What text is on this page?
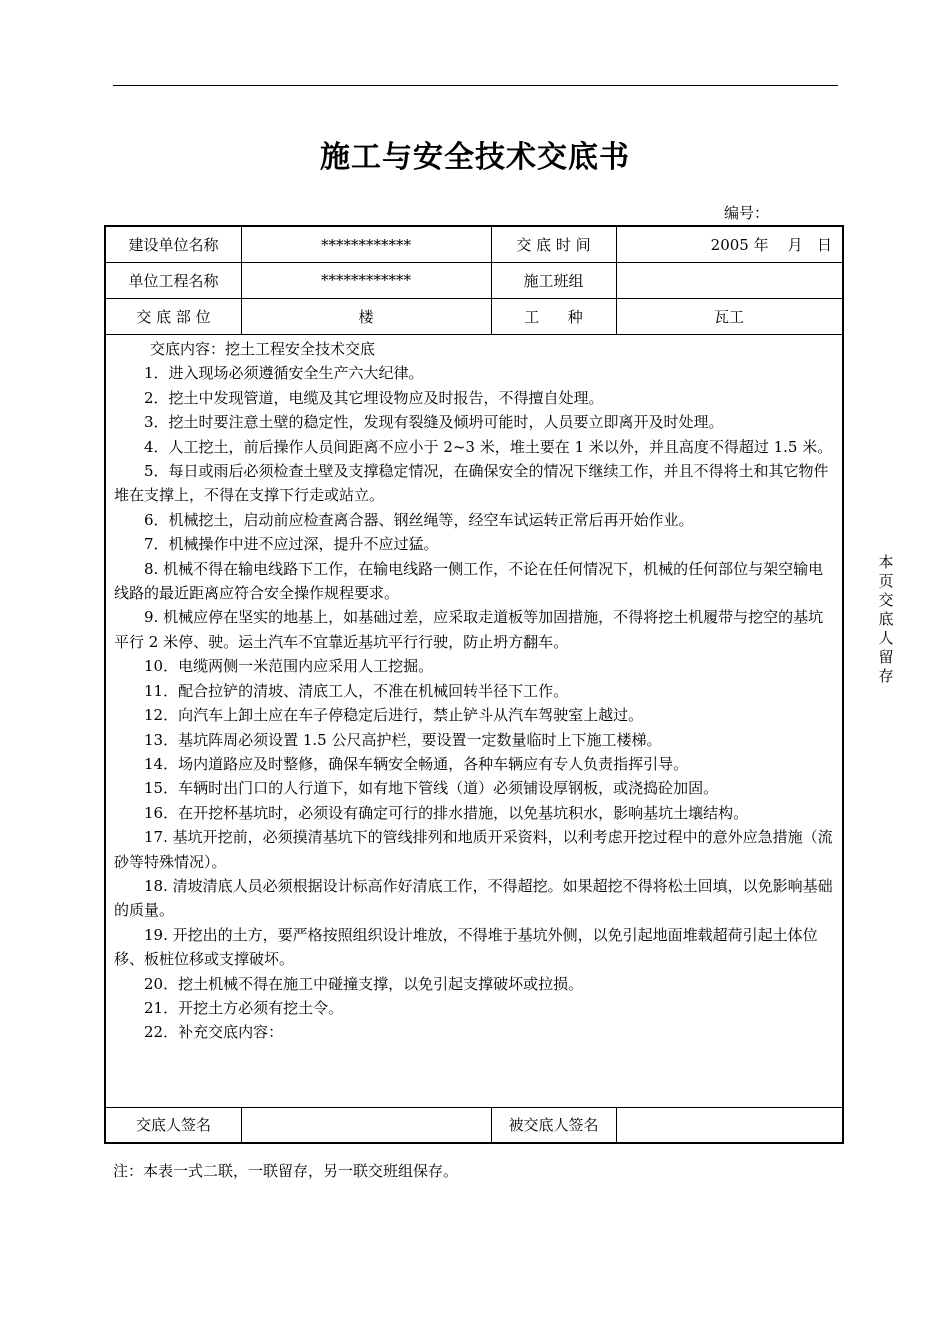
施工与安全技术交底书
编号：
建设单位名称	************	交 底 时 间	2005 年    月   日
单位工程名称	************	施工班组
交 底 部 位	楼	工      种	瓦工

交底内容：挖土工程安全技术交底

1．进入现场必须遵循安全生产六大纪律。

2．挖土中发现管道，电缆及其它埋设物应及时报告，不得擅自处理。

3．挖土时要注意土壁的稳定性，发现有裂缝及倾坍可能时，人员要立即离开及时处理。

4．人工挖土，前后操作人员间距离不应小于 2~3 米，堆土要在 1 米以外，并且高度不得超过 1.5 米。

5．每日或雨后必须检查土壁及支撑稳定情况，在确保安全的情况下继续工作，并且不得将土和其它物件堆在支撑上，不得在支撑下行走或站立。

6．机械挖土，启动前应检查离合器、钢丝绳等，经空车试运转正常后再开始作业。

7．机械操作中进不应过深，提升不应过猛。

8. 机械不得在输电线路下工作，在输电线路一侧工作，不论在任何情况下，机械的任何部位与架空输电线路的最近距离应符合安全操作规程要求。

9. 机械应停在坚实的地基上，如基础过差，应采取走道板等加固措施，不得将挖土机履带与挖空的基坑平行 2 米停、驶。运土汽车不宜靠近基坑平行行驶，防止坍方翻车。

10．电缆两侧一米范围内应采用人工挖掘。

11．配合拉铲的清坡、清底工人，不准在机械回转半径下工作。

12．向汽车上卸土应在车子停稳定后进行，禁止铲斗从汽车驾驶室上越过。

13．基坑阵周必须设置 1.5 公尺高护栏，要设置一定数量临时上下施工楼梯。

14．场内道路应及时整修，确保车辆安全畅通，各种车辆应有专人负责指挥引导。

15．车辆时出门口的人行道下，如有地下管线（道）必须铺设厚钢板，或浇捣砼加固。

16．在开挖杯基坑时，必须设有确定可行的排水措施，以免基坑积水，影响基坑土壤结构。

17. 基坑开挖前，必须摸清基坑下的管线排列和地质开采资料，以利考虑开挖过程中的意外应急措施（流砂等特殊情况）。

18. 清坡清底人员必须根据设计标高作好清底工作，不得超挖。如果超挖不得将松土回填，以免影响基础的质量。

19. 开挖出的土方，要严格按照组织设计堆放，不得堆于基坑外侧，以免引起地面堆载超荷引起土体位移、板桩位移或支撑破坏。

20．挖土机械不得在施工中碰撞支撑，以免引起支撑破坏或拉损。

21．开挖土方必须有挖土令。

22．补充交底内容：

交底人签名	被交底人签名
本页交底人留存
注：本表一式二联，一联留存，另一联交班组保存。
